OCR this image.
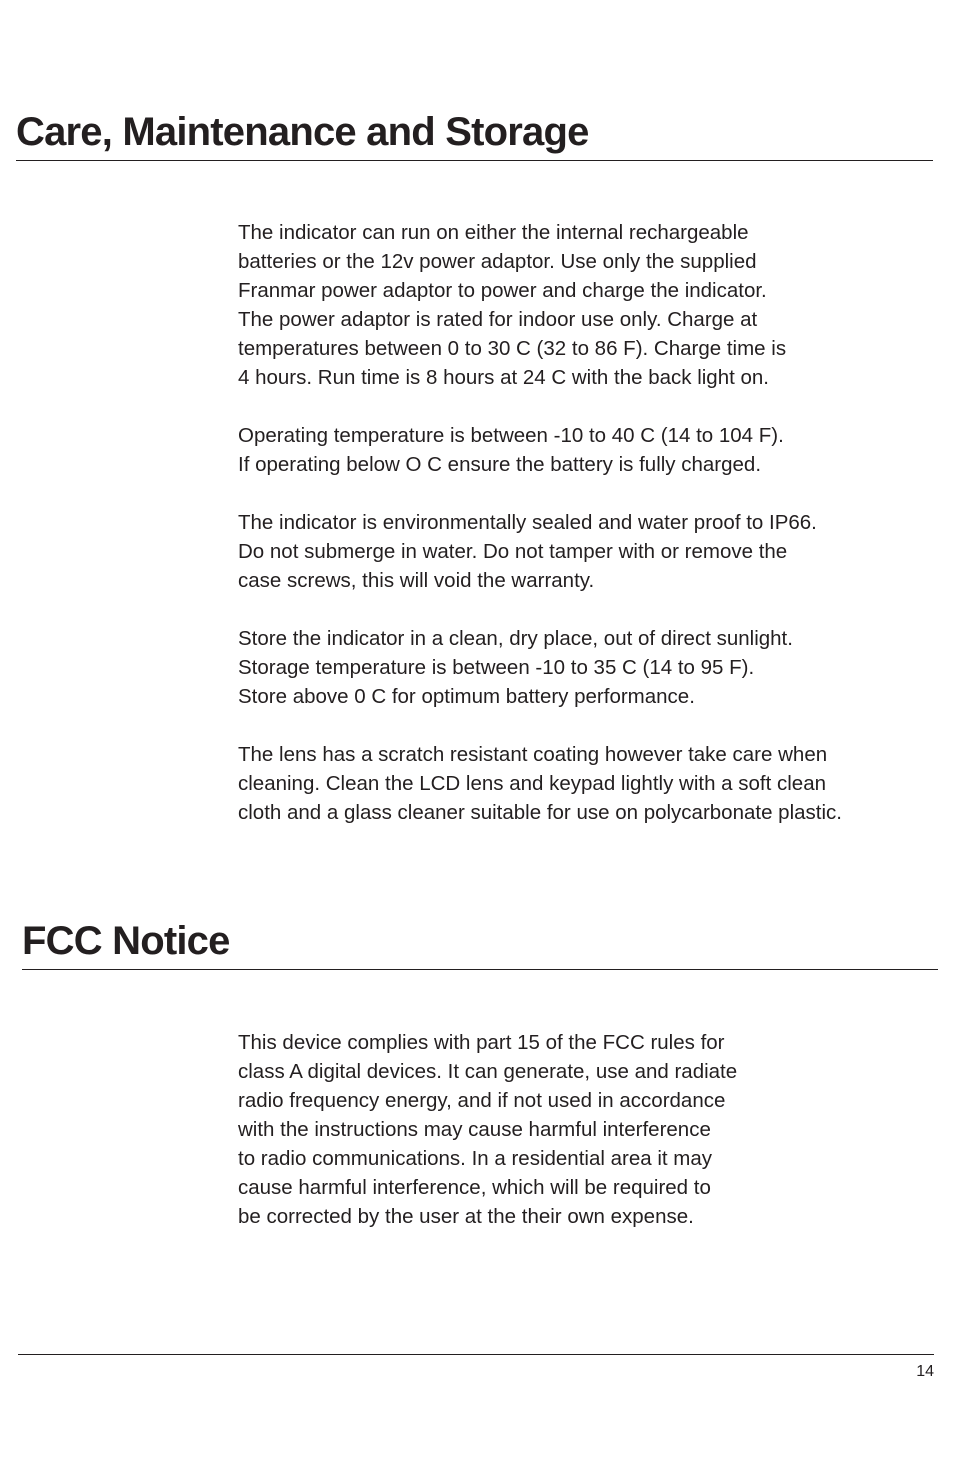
Care, Maintenance and Storage

The indicator can run on either the internal rechargeable
batteries or the 12v power adaptor. Use only the supplied
Franmar power adaptor to power and charge the indicator.
The power adaptor is rated for indoor use only. Charge at
temperatures between 0 to 30 C (32 to 86 F). Charge time is
4 hours. Run time is 8 hours at 24 C with the back light on.

Operating temperature is between -10 to 40 C (14 to 104 F).
If operating below O C ensure the battery is fully charged.

The indicator is environmentally sealed and water proof to IP66.
Do not submerge in water. Do not tamper with or remove the
case screws, this will void the warranty.

Store the indicator in a clean, dry place, out of direct sunlight.
Storage temperature is between -10 to 35 C (14 to 95 F).
Store above 0 C for optimum battery performance.

The lens has a scratch resistant coating however take care when
cleaning. Clean the LCD lens and keypad lightly with a soft clean
cloth and a glass cleaner suitable for use on polycarbonate plastic.

FCC Notice

This device complies with part 15 of the FCC rules for
class A digital devices. It can generate, use and radiate
radio frequency energy, and if not used in accordance
with the instructions may cause harmful interference
to radio communications. In a residential area it may
cause harmful interference, which will be required to
be corrected by the user at the their own expense.

14
